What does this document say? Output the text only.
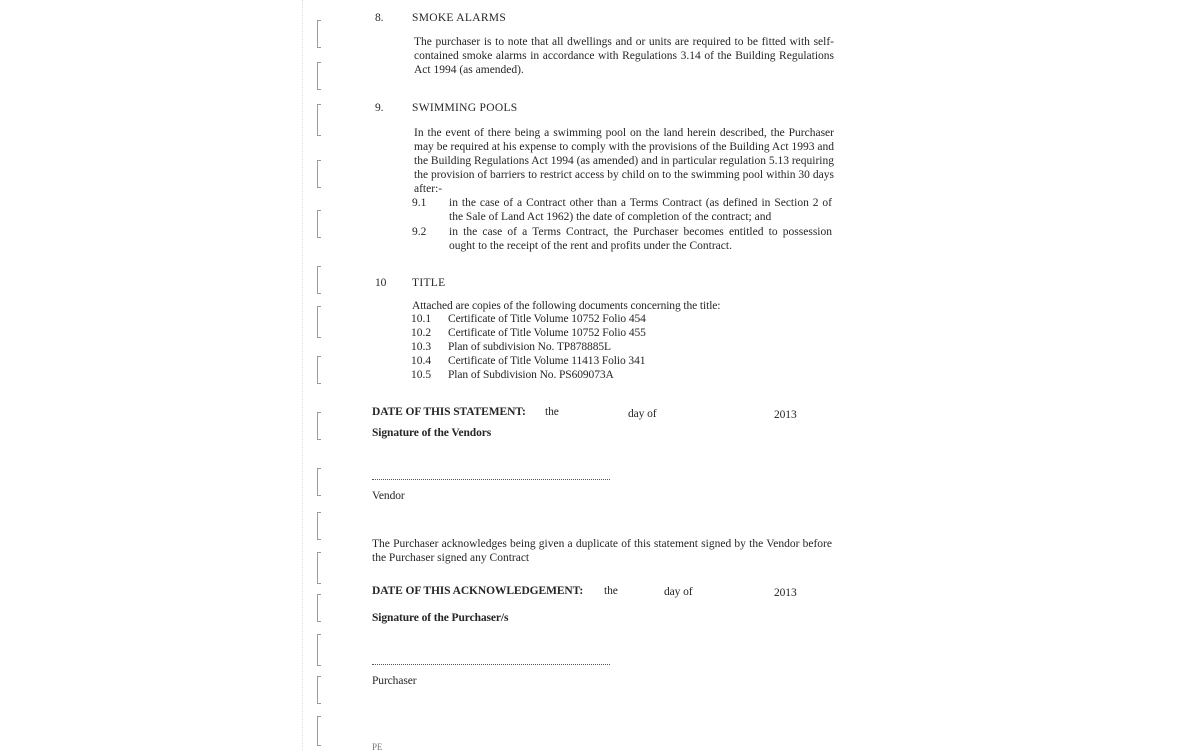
8. SMOKE ALARMS
The purchaser is to note that all dwellings and or units are required to be fitted with self-contained smoke alarms in accordance with Regulations 3.14 of the Building Regulations Act 1994 (as amended).
9. SWIMMING POOLS
In the event of there being a swimming pool on the land herein described, the Purchaser may be required at his expense to comply with the provisions of the Building Act 1993 and the Building Regulations Act 1994 (as amended) and in particular regulation 5.13 requiring the provision of barriers to restrict access by child on to the swimming pool within 30 days after:-
9.1 in the case of a Contract other than a Terms Contract (as defined in Section 2 of the Sale of Land Act 1962) the date of completion of the contract; and
9.2 in the case of a Terms Contract, the Purchaser becomes entitled to possession ought to the receipt of the rent and profits under the Contract.
10 TITLE
Attached are copies of the following documents concerning the title:
10.1 Certificate of Title Volume 10752 Folio 454
10.2 Certificate of Title Volume 10752 Folio 455
10.3 Plan of subdivision No. TP878885L
10.4 Certificate of Title Volume 11413 Folio 341
10.5 Plan of Subdivision No. PS609073A
DATE OF THIS STATEMENT: the	day of	2013
Signature of the Vendors
Vendor
The Purchaser acknowledges being given a duplicate of this statement signed by the Vendor before the Purchaser signed any Contract
DATE OF THIS ACKNOWLEDGEMENT: the	day of	2013
Signature of the Purchaser/s
Purchaser
PE
